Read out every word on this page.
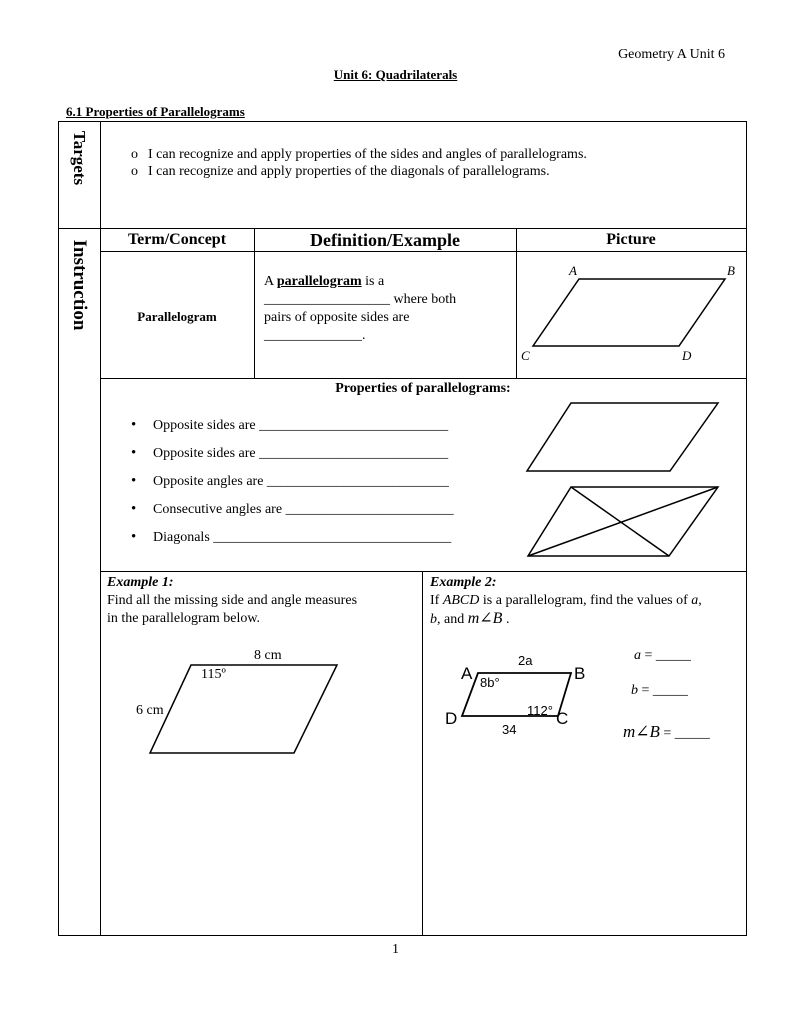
Geometry A Unit 6
Unit 6: Quadrilaterals
6.1 Properties of Parallelograms
Targets
Instruction
o I can recognize and apply properties of the sides and angles of parallelograms.
o I can recognize and apply properties of the diagonals of parallelograms.
Term/Concept	Definition/Example	Picture
Parallelogram
A parallelogram is a
__________________ where both
pairs of opposite sides are
______________.
A	B
C	D
Properties of parallelograms:
• Opposite sides are ___________________________
• Opposite sides are ___________________________
• Opposite angles are __________________________
• Consecutive angles are ________________________
• Diagonals __________________________________
Example 1:
Find all the missing side and angle measures
in the parallelogram below.
8 cm
6 cm
115º
Example 2:
If ABCD is a parallelogram, find the values of a,
b, and m∠B .
2a
8b°
112°
34
A	B
C
D
a = _____
b = _____
m∠B = _____
1
